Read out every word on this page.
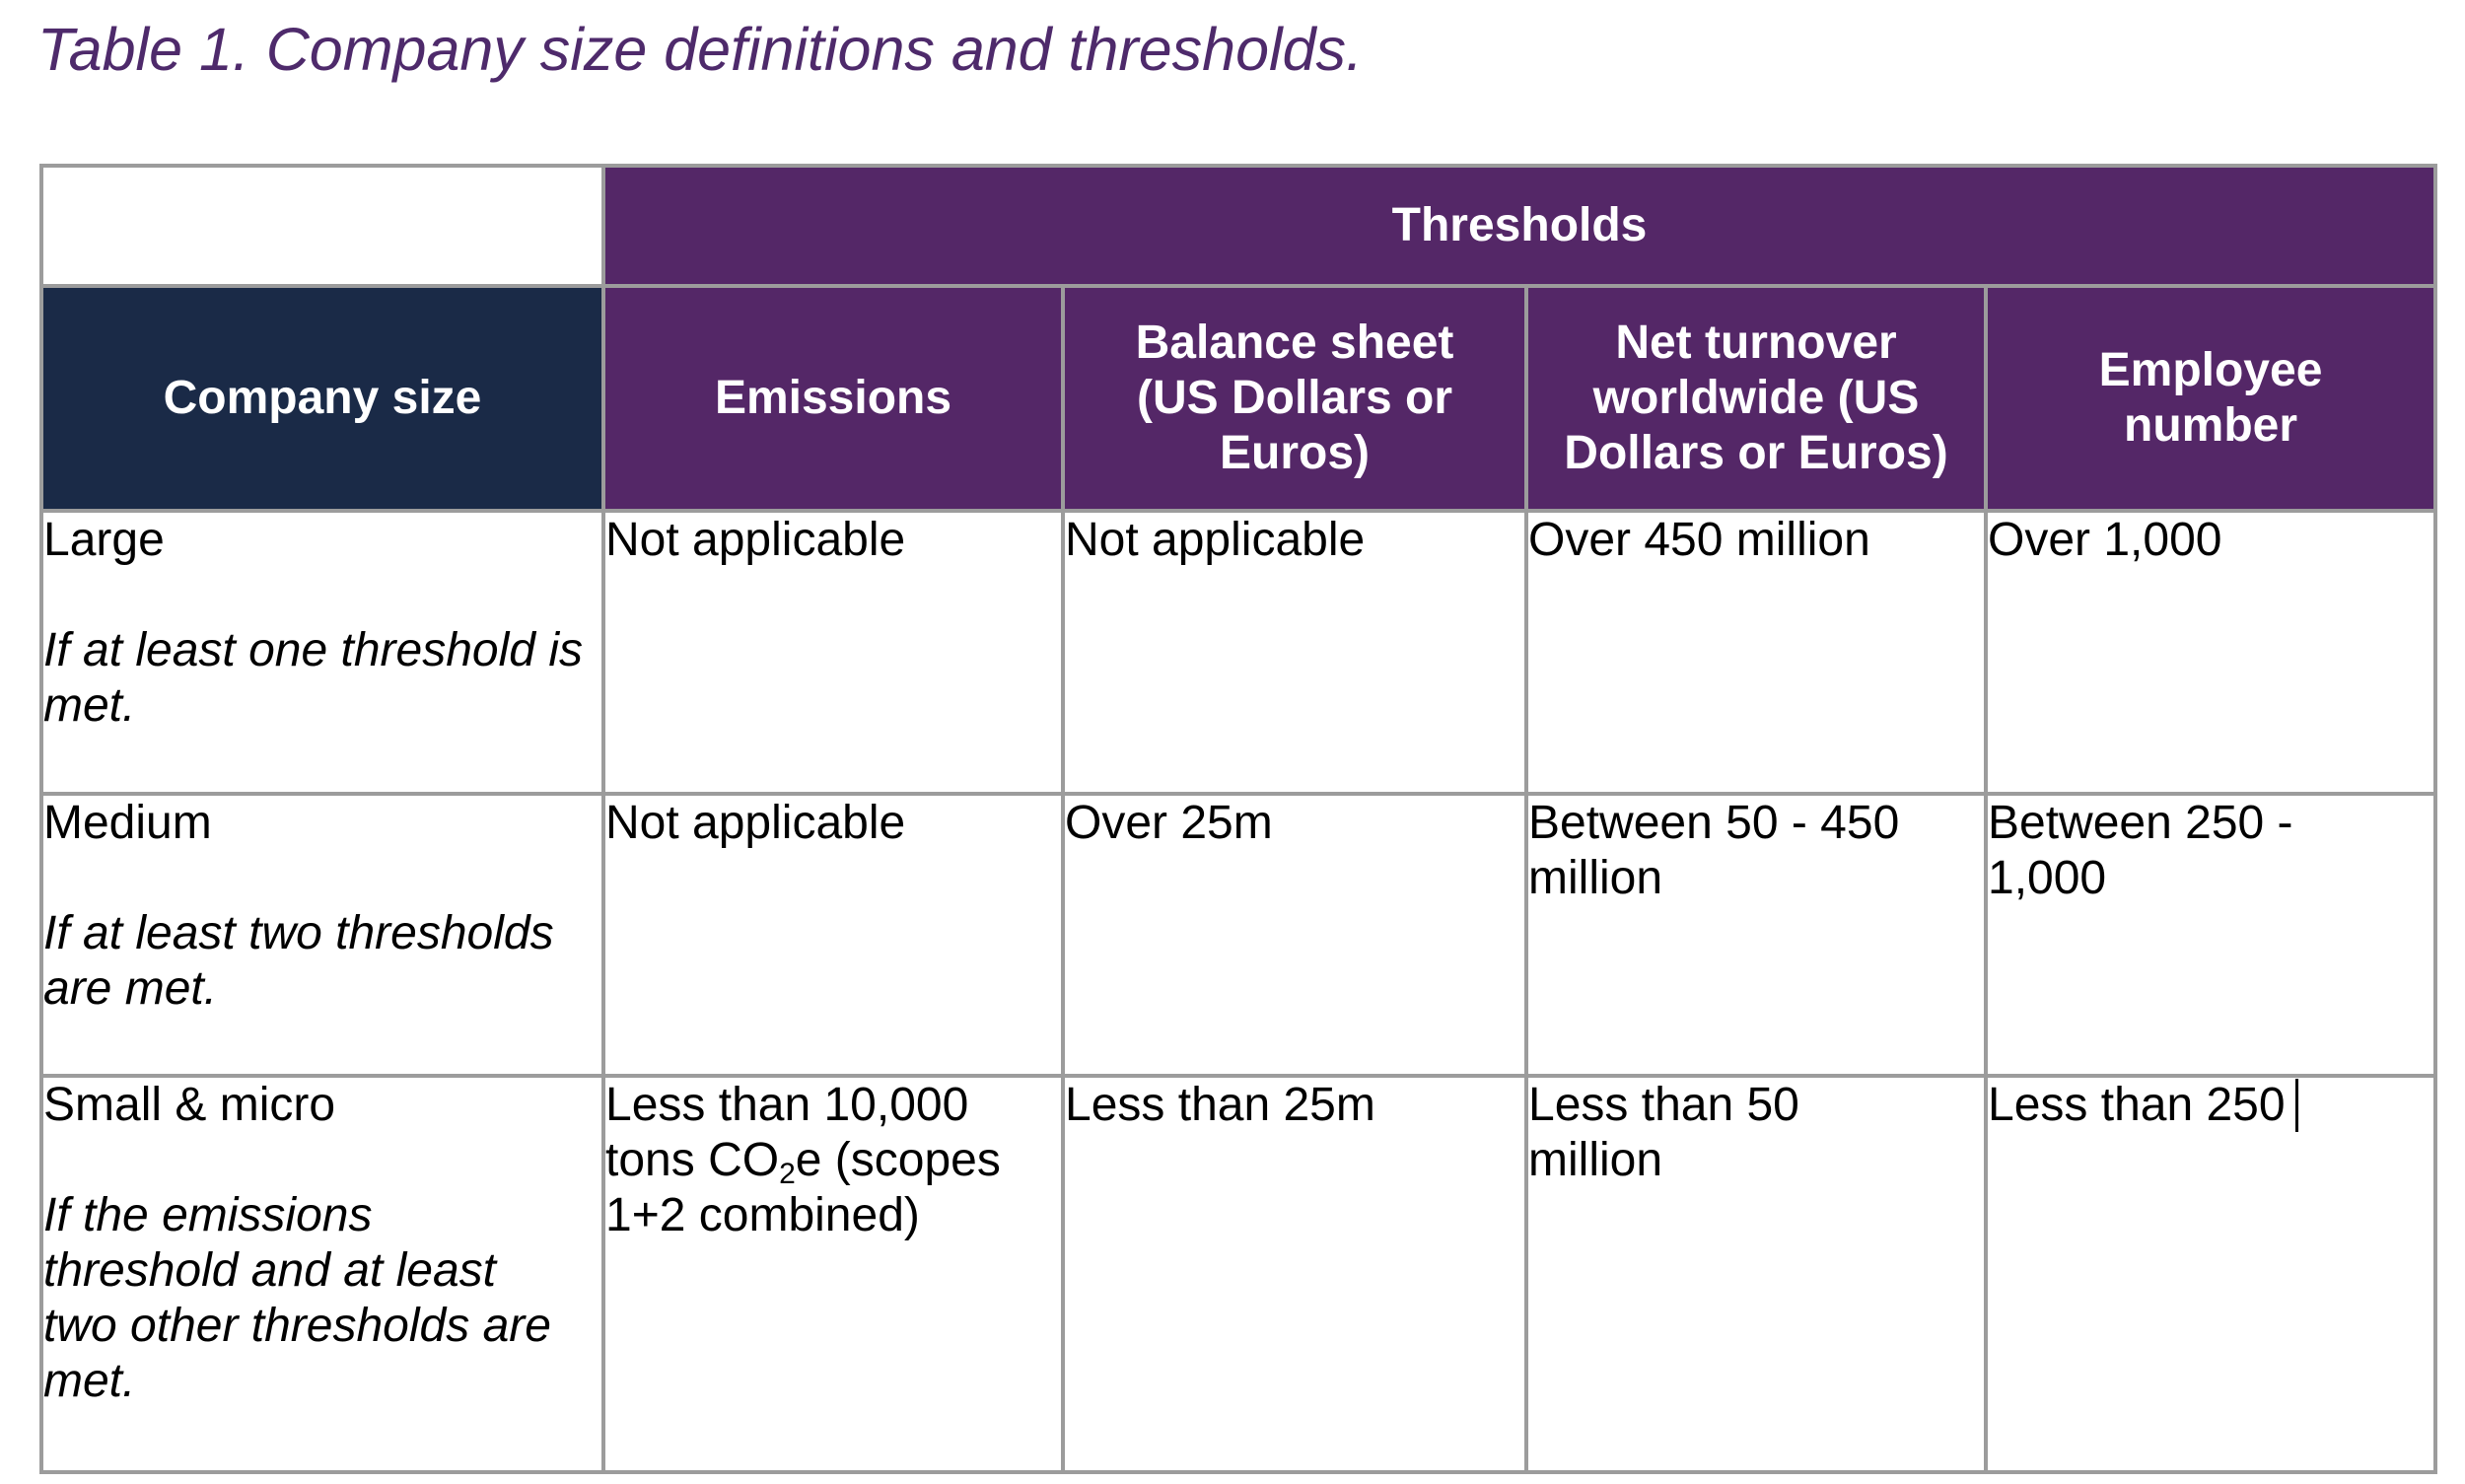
Table 1. Company size definitions and thresholds.
	Thresholds			
Company size	Emissions	Balance sheet (US Dollars or Euros)	Net turnover worldwide (US Dollars or Euros)	Employee number

Large
If at least one threshold is met.	Not applicable	Not applicable	Over 450 million	Over 1,000

Medium
If at least two thresholds are met.	Not applicable	Over 25m	Between 50 - 450 million	Between 250 - 1,000

Small & micro
If the emissions threshold and at least two other thresholds are met.	Less than 10,000 tons $CO_2e$ (scopes 1+2 combined)	Less than 25m	Less than 50 million	Less than 250
